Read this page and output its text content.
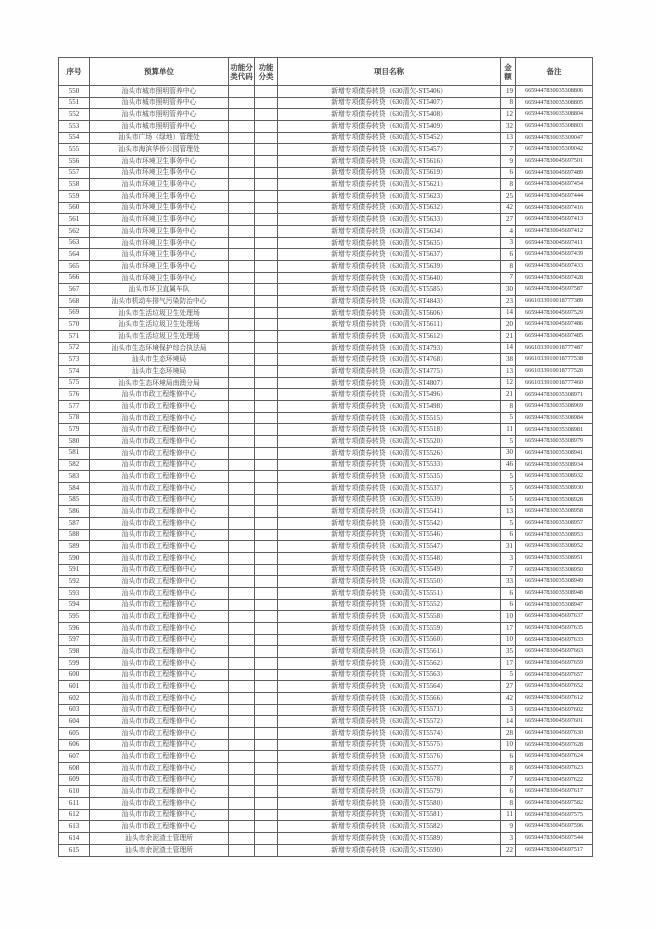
序号	预算单位	功能分类代码	功能分类	项目名称	金额	备注
550	汕头市城市照明管养中心			新增专项债券转贷（630清欠-ST5406）	19	6659447830035308806
551	汕头市城市照明管养中心			新增专项债券转贷（630清欠-ST5407）	8	6659447830035308805
552	汕头市城市照明管养中心			新增专项债券转贷（630清欠-ST5408）	12	6659447830035308804
553	汕头市城市照明管养中心			新增专项债券转贷（630清欠-ST5409）	32	6659447830035308803
554	汕头市广场（绿地）管理处			新增专项债券转贷（630清欠-ST5452）	13	6659447830035309047
555	汕头市海滨华侨公园管理处			新增专项债券转贷（630清欠-ST5457）	7	6659447830035309042
556	汕头市环境卫生事务中心			新增专项债券转贷（630清欠-ST5616）	9	6659447830045697501
557	汕头市环境卫生事务中心			新增专项债券转贷（630清欠-ST5619）	6	6659447830045697489
558	汕头市环境卫生事务中心			新增专项债券转贷（630清欠-ST5621）	8	6659447830045697454
559	汕头市环境卫生事务中心			新增专项债券转贷（630清欠-ST5623）	25	6659447830045697444
560	汕头市环境卫生事务中心			新增专项债券转贷（630清欠-ST5632）	42	6659447830045697416
561	汕头市环境卫生事务中心			新增专项债券转贷（630清欠-ST5633）	27	6659447830045697413
562	汕头市环境卫生事务中心			新增专项债券转贷（630清欠-ST5634）	4	6659447830045697412
563	汕头市环境卫生事务中心			新增专项债券转贷（630清欠-ST5635）	3	6659447830045697411
564	汕头市环境卫生事务中心			新增专项债券转贷（630清欠-ST5637）	6	6659447830045697439
565	汕头市环境卫生事务中心			新增专项债券转贷（630清欠-ST5639）	8	6659447830045697433
566	汕头市环境卫生事务中心			新增专项债券转贷（630清欠-ST5640）	7	6659447830045697428
567	汕头市环卫直属车队			新增专项债券转贷（630清欠-ST5585）	30	6659447830045697587
568	汕头市机动车排气污染防治中心			新增专项债券转贷（630清欠-ST4843）	23	6661033910018777389
569	汕头市生活垃圾卫生处理场			新增专项债券转贷（630清欠-ST5606）	14	6659447830045697529
570	汕头市生活垃圾卫生处理场			新增专项债券转贷（630清欠-ST5611）	20	6659447830045697486
571	汕头市生活垃圾卫生处理场			新增专项债券转贷（630清欠-ST5612）	21	6659447830045697485
572	汕头市生态环境保护综合执法局			新增专项债券转贷（630清欠-ST4793）	14	6661033910018777487
573	汕头市生态环境局			新增专项债券转贷（630清欠-ST4768）	38	6661033910018777538
574	汕头市生态环境局			新增专项债券转贷（630清欠-ST4775）	13	6661033910018777520
575	汕头市生态环境局南澳分局			新增专项债券转贷（630清欠-ST4807）	12	6661033910018777460
576	汕头市市政工程维修中心			新增专项债券转贷（630清欠-ST5496）	21	6659447830035308971
577	汕头市市政工程维修中心			新增专项债券转贷（630清欠-ST5498）	8	6659447830035308969
578	汕头市市政工程维修中心			新增专项债券转贷（630清欠-ST5515）	5	6659447830035308984
579	汕头市市政工程维修中心			新增专项债券转贷（630清欠-ST5518）	11	6659447830035308981
580	汕头市市政工程维修中心			新增专项债券转贷（630清欠-ST5520）	5	6659447830035308979
581	汕头市市政工程维修中心			新增专项债券转贷（630清欠-ST5526）	30	6659447830035308941
582	汕头市市政工程维修中心			新增专项债券转贷（630清欠-ST5533）	46	6659447830035308934
583	汕头市市政工程维修中心			新增专项债券转贷（630清欠-ST5535）	5	6659447830035308932
584	汕头市市政工程维修中心			新增专项债券转贷（630清欠-ST5537）	5	6659447830035308930
585	汕头市市政工程维修中心			新增专项债券转贷（630清欠-ST5539）	5	6659447830035308928
586	汕头市市政工程维修中心			新增专项债券转贷（630清欠-ST5541）	13	6659447830035308958
587	汕头市市政工程维修中心			新增专项债券转贷（630清欠-ST5542）	5	6659447830035308957
588	汕头市市政工程维修中心			新增专项债券转贷（630清欠-ST5546）	6	6659447830035308953
589	汕头市市政工程维修中心			新增专项债券转贷（630清欠-ST5547）	31	6659447830035308952
590	汕头市市政工程维修中心			新增专项债券转贷（630清欠-ST5548）	3	6659447830035308951
591	汕头市市政工程维修中心			新增专项债券转贷（630清欠-ST5549）	7	6659447830035308950
592	汕头市市政工程维修中心			新增专项债券转贷（630清欠-ST5550）	33	6659447830035308949
593	汕头市市政工程维修中心			新增专项债券转贷（630清欠-ST5551）	6	6659447830035308948
594	汕头市市政工程维修中心			新增专项债券转贷（630清欠-ST5552）	6	6659447830035308947
595	汕头市市政工程维修中心			新增专项债券转贷（630清欠-ST5558）	10	6659447830045697637
596	汕头市市政工程维修中心			新增专项债券转贷（630清欠-ST5559）	17	6659447830045697635
597	汕头市市政工程维修中心			新增专项债券转贷（630清欠-ST5560）	10	6659447830045697633
598	汕头市市政工程维修中心			新增专项债券转贷（630清欠-ST5561）	35	6659447830045697663
599	汕头市市政工程维修中心			新增专项债券转贷（630清欠-ST5562）	17	6659447830045697659
600	汕头市市政工程维修中心			新增专项债券转贷（630清欠-ST5563）	5	6659447830045697657
601	汕头市市政工程维修中心			新增专项债券转贷（630清欠-ST5564）	27	6659447830045697652
602	汕头市市政工程维修中心			新增专项债券转贷（630清欠-ST5566）	42	6659447830045697612
603	汕头市市政工程维修中心			新增专项债券转贷（630清欠-ST5571）	3	6659447830045697602
604	汕头市市政工程维修中心			新增专项债券转贷（630清欠-ST5572）	14	6659447830045697601
605	汕头市市政工程维修中心			新增专项债券转贷（630清欠-ST5574）	28	6659447830045697630
606	汕头市市政工程维修中心			新增专项债券转贷（630清欠-ST5575）	10	6659447830045697628
607	汕头市市政工程维修中心			新增专项债券转贷（630清欠-ST5576）	6	6659447830045697624
608	汕头市市政工程维修中心			新增专项债券转贷（630清欠-ST5577）	8	6659447830045697623
609	汕头市市政工程维修中心			新增专项债券转贷（630清欠-ST5578）	7	6659447830045697622
610	汕头市市政工程维修中心			新增专项债券转贷（630清欠-ST5579）	6	6659447830045697617
611	汕头市市政工程维修中心			新增专项债券转贷（630清欠-ST5580）	8	6659447830045697582
612	汕头市市政工程维修中心			新增专项债券转贷（630清欠-ST5581）	11	6659447830045697575
613	汕头市市政工程维修中心			新增专项债券转贷（630清欠-ST5582）	9	6659447830045697596
614	汕头市余泥渣土管理所			新增专项债券转贷（630清欠-ST5589）	3	6659447830045697544
615	汕头市余泥渣土管理所			新增专项债券转贷（630清欠-ST5590）	22	6659447830045697517
